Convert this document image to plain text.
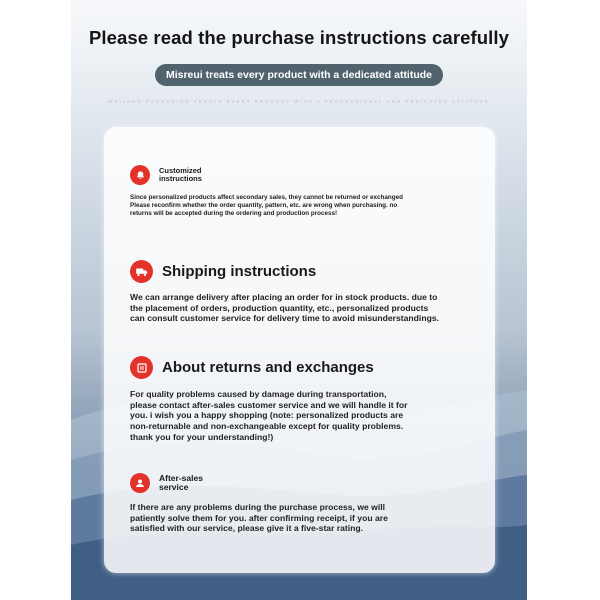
Please read the purchase instructions carefully
Misreui treats every product with a dedicated attitude
WEILANG PACKAGING TREATS EVERY PRODUCT WITH A PROFESSIONAL AND DEDICATED ATTITUDE
Customized
instructions
Since personalized products affect secondary sales, they cannot be returned or exchanged
Please reconfirm whether the order quantity, pattern, etc. are wrong when purchasing. no
returns will be accepted during the ordering and production process!
Shipping instructions
We can arrange delivery after placing an order for in stock products. due to
the placement of orders, production quantity, etc., personalized products
can consult customer service for delivery time to avoid misunderstandings.
About returns and exchanges
For quality problems caused by damage during transportation,
please contact after-sales customer service and we will handle it for
you. i wish you a happy shopping (note: personalized products are
non-returnable and non-exchangeable except for quality problems.
thank you for your understanding!)
After-sales
service
If there are any problems during the purchase process, we will
patiently solve them for you. after confirming receipt, if you are
satisfied with our service, please give it a five-star rating.
